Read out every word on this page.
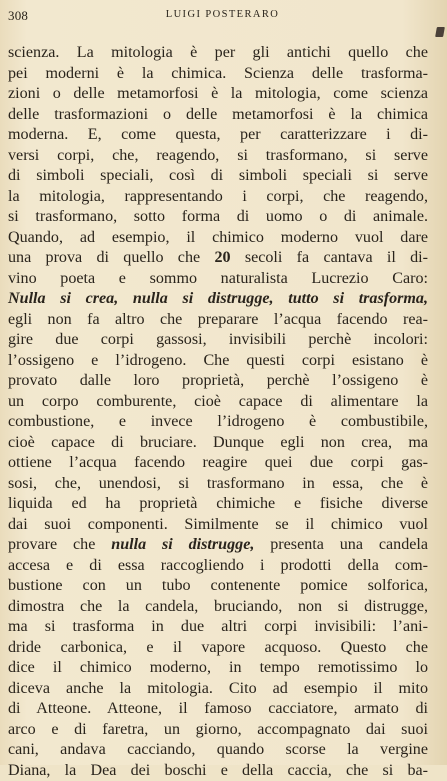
308	LUIGI POSTERARO
scienza. La mitologia è per gli antichi quello che
pei moderni è la chimica. Scienza delle trasforma-
zioni o delle metamorfosi è la mitologia, come scienza
delle trasformazioni o delle metamorfosi è la chimica
moderna. E, come questa, per caratterizzare i di-
versi corpi, che, reagendo, si trasformano, si serve
di simboli speciali, così di simboli speciali si serve
la mitologia, rappresentando i corpi, che reagendo,
si trasformano, sotto forma di uomo o di animale.
Quando, ad esempio, il chimico moderno vuol dare
una prova di quello che 20 secoli fa cantava il di-
vino poeta e sommo naturalista Lucrezio Caro:
Nulla si crea, nulla si distrugge, tutto si trasforma,
egli non fa altro che preparare l’acqua facendo rea-
gire due corpi gassosi, invisibili perchè incolori:
l’ossigeno e l’idrogeno. Che questi corpi esistano è
provato dalle loro proprietà, perchè l’ossigeno è
un corpo comburente, cioè capace di alimentare la
combustione, e invece l’idrogeno è combustibile,
cioè capace di bruciare. Dunque egli non crea, ma
ottiene l’acqua facendo reagire quei due corpi gas-
sosi, che, unendosi, si trasformano in essa, che è
liquida ed ha proprietà chimiche e fisiche diverse
dai suoi componenti. Similmente se il chimico vuol
provare che nulla si distrugge, presenta una candela
accesa e di essa raccogliendo i prodotti della com-
bustione con un tubo contenente pomice solforica,
dimostra che la candela, bruciando, non si distrugge,
ma si trasforma in due altri corpi invisibili: l’ani-
dride carbonica, e il vapore acquoso. Questo che
dice il chimico moderno, in tempo remotissimo lo
diceva anche la mitologia. Cito ad esempio il mito
di Atteone. Atteone, il famoso cacciatore, armato di
arco e di faretra, un giorno, accompagnato dai suoi
cani, andava cacciando, quando scorse la vergine
Diana, la Dea dei boschi e della caccia, che si ba-
